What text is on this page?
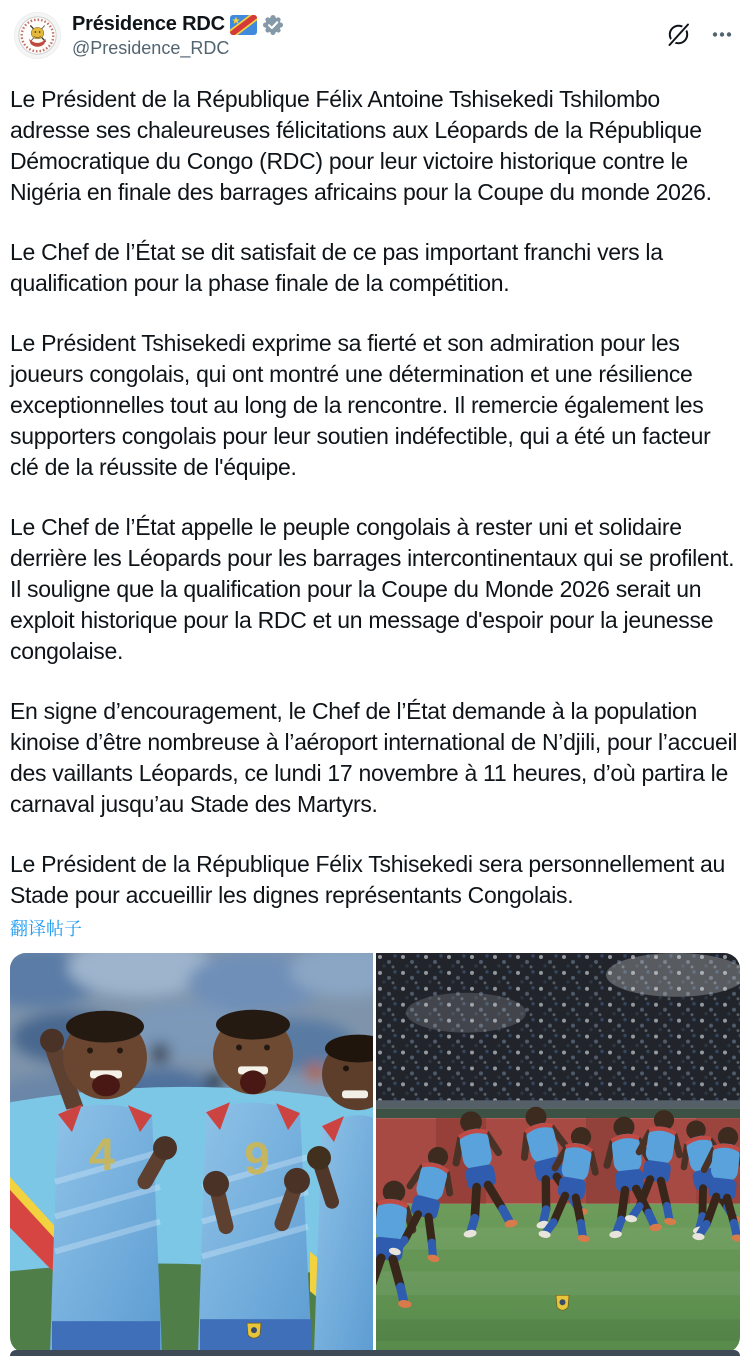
Présidence RDC
@Presidence_RDC

Le Président de la République Félix Antoine Tshisekedi Tshilombo adresse ses chaleureuses félicitations aux Léopards de la République Démocratique du Congo (RDC) pour leur victoire historique contre le Nigéria en finale des barrages africains pour la Coupe du monde 2026.

Le Chef de l’État se dit satisfait de ce pas important franchi vers la qualification pour la phase finale de la compétition.

Le Président Tshisekedi exprime sa fierté et son admiration pour les joueurs congolais, qui ont montré une détermination et une résilience exceptionnelles tout au long de la rencontre. Il remercie également les supporters congolais pour leur soutien indéfectible, qui a été un facteur clé de la réussite de l'équipe.

Le Chef de l’État appelle le peuple congolais à rester uni et solidaire derrière les Léopards pour les barrages intercontinentaux qui se profilent. Il souligne que la qualification pour la Coupe du Monde 2026 serait un exploit historique pour la RDC et un message d'espoir pour la jeunesse congolaise.

En signe d’encouragement, le Chef de l’État demande à la population kinoise d’être nombreuse à l’aéroport international de N’djili, pour l’accueil des vaillants Léopards, ce lundi 17 novembre à 11 heures, d’où partira le carnaval jusqu’au Stade des Martyrs.

Le Président de la République Félix Tshisekedi sera personnellement au Stade pour accueillir les dignes représentants Congolais.

翻译帖子
4	9
